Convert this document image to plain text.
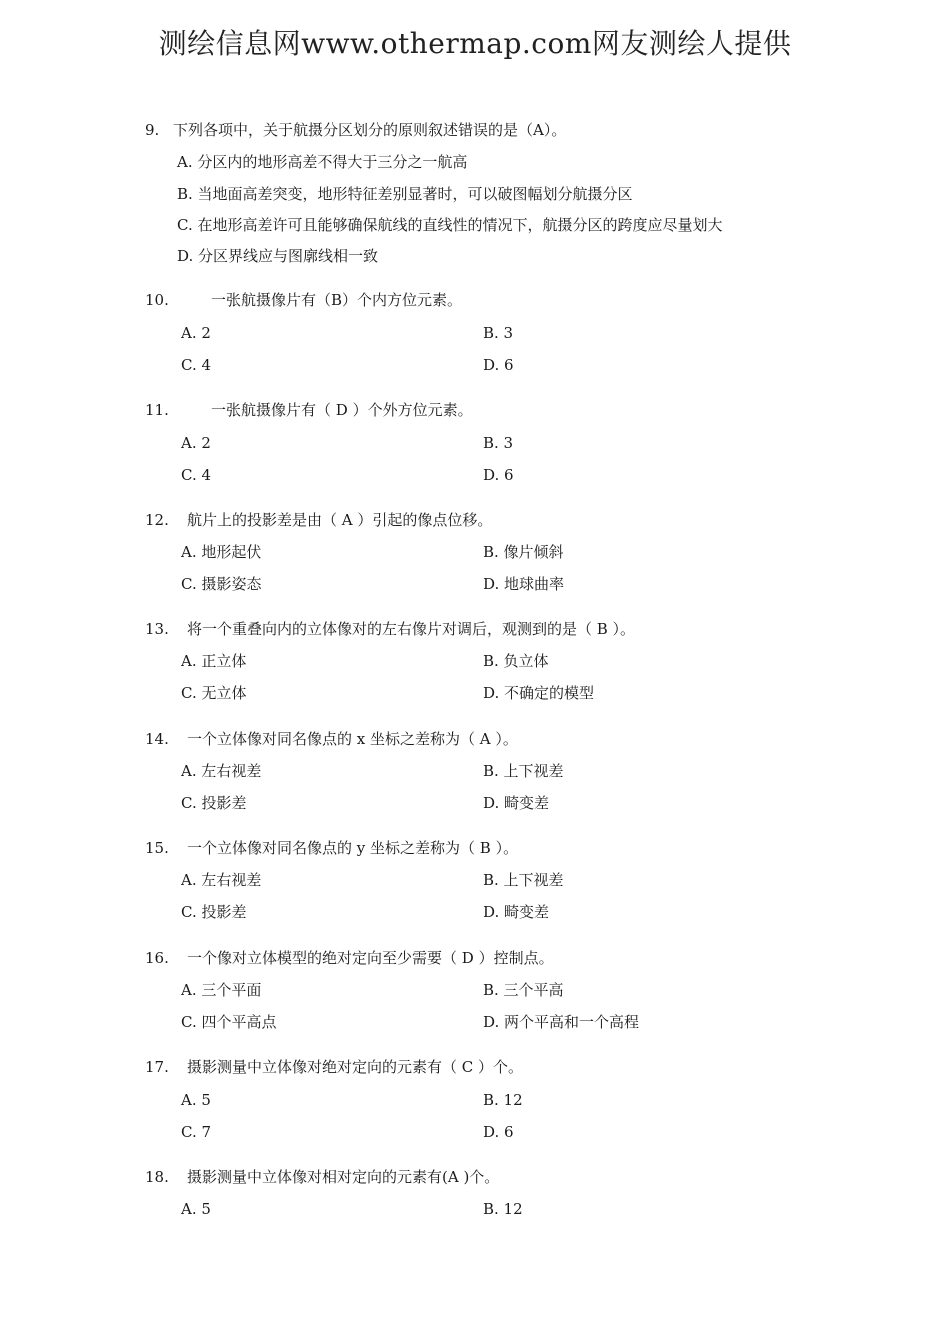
测绘信息网www.othermap.com网友测绘人提供
9. 下列各项中，关于航摄分区划分的原则叙述错误的是（A）。
A. 分区内的地形高差不得大于三分之一航高
B. 当地面高差突变，地形特征差别显著时，可以破图幅划分航摄分区
C. 在地形高差许可且能够确保航线的直线性的情况下，航摄分区的跨度应尽量划大
D. 分区界线应与图廓线相一致
10.	一张航摄像片有（B）个内方位元素。
A. 2	B. 3
C. 4	D. 6
11.	一张航摄像片有（ D ）个外方位元素。
A. 2	B. 3
C. 4	D. 6
12. 航片上的投影差是由（ A ）引起的像点位移。
A. 地形起伏	B. 像片倾斜
C. 摄影姿态	D. 地球曲率
13. 将一个重叠向内的立体像对的左右像片对调后，观测到的是（ B ）。
A. 正立体	B. 负立体
C. 无立体	D. 不确定的模型
14. 一个立体像对同名像点的 x 坐标之差称为（ A ）。
A. 左右视差	B. 上下视差
C. 投影差	D. 畸变差
15. 一个立体像对同名像点的 y 坐标之差称为（ B ）。
A. 左右视差	B. 上下视差
C. 投影差	D. 畸变差
16. 一个像对立体模型的绝对定向至少需要（ D ）控制点。
A. 三个平面	B. 三个平高
C. 四个平高点	D. 两个平高和一个高程
17. 摄影测量中立体像对绝对定向的元素有（ C ）个。
A. 5	B. 12
C. 7	D. 6
18. 摄影测量中立体像对相对定向的元素有(A )个。
A. 5	B. 12
